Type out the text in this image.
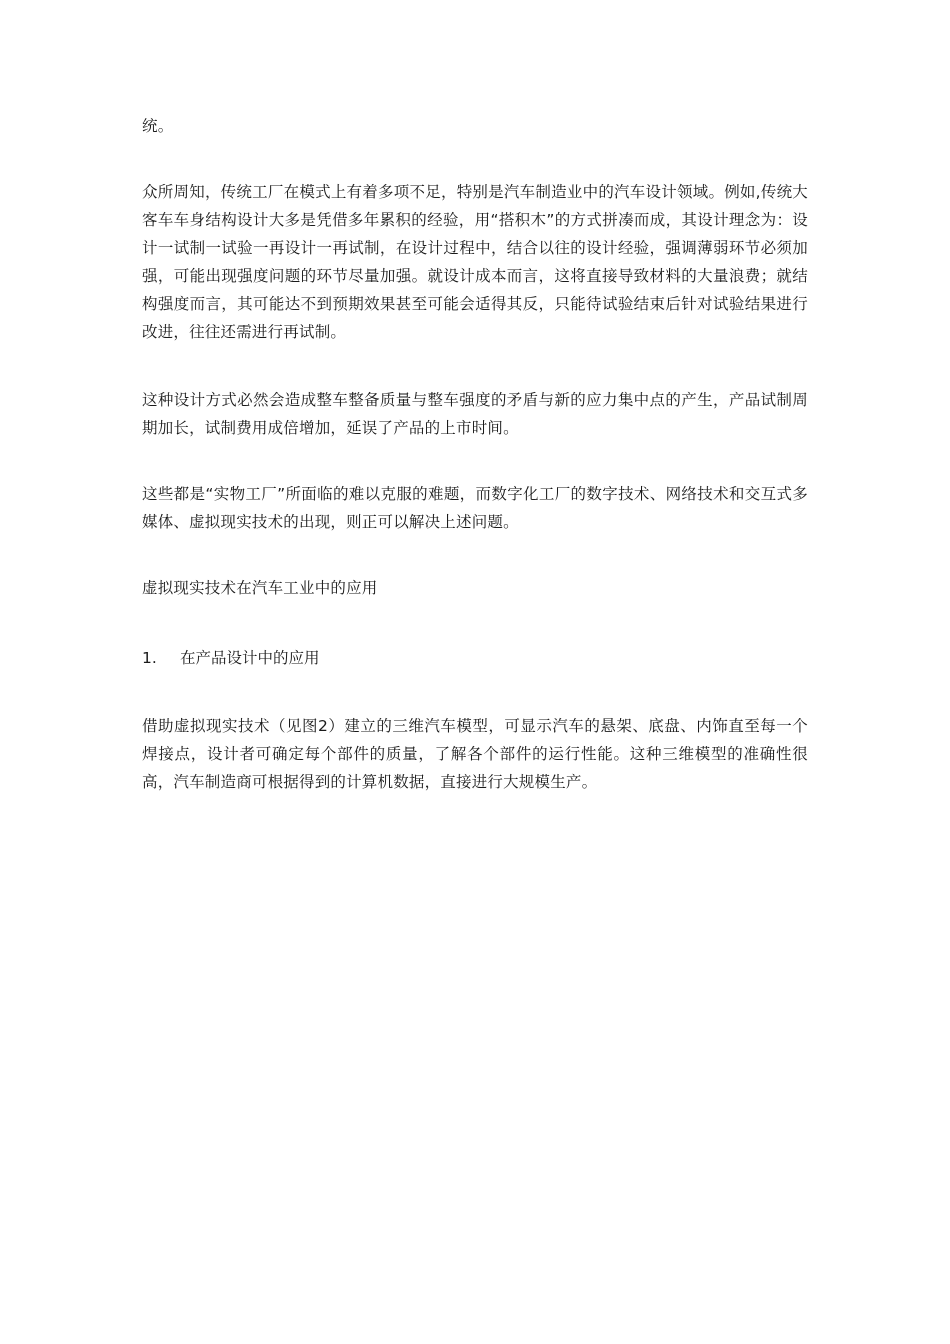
统。

众所周知，传统工厂在模式上有着多项不足，特别是汽车制造业中的汽车设计领域。例如,传统大客车车身结构设计大多是凭借多年累积的经验，用“搭积木”的方式拼凑而成，其设计理念为：设计一试制一试验一再设计一再试制，在设计过程中，结合以往的设计经验，强调薄弱环节必须加强，可能出现强度问题的环节尽量加强。就设计成本而言，这将直接导致材料的大量浪费；就结构强度而言，其可能达不到预期效果甚至可能会适得其反，只能待试验结束后针对试验结果进行改进，往往还需进行再试制。

这种设计方式必然会造成整车整备质量与整车强度的矛盾与新的应力集中点的产生，产品试制周期加长，试制费用成倍增加，延误了产品的上市时间。

这些都是“实物工厂”所面临的难以克服的难题，而数字化工厂的数字技术、网络技术和交互式多媒体、虚拟现实技术的出现，则正可以解决上述问题。

虚拟现实技术在汽车工业中的应用

1.	在产品设计中的应用

借助虚拟现实技术（见图2）建立的三维汽车模型，可显示汽车的悬架、底盘、内饰直至每一个焊接点，设计者可确定每个部件的质量，了解各个部件的运行性能。这种三维模型的准确性很高，汽车制造商可根据得到的计算机数据，直接进行大规模生产。
